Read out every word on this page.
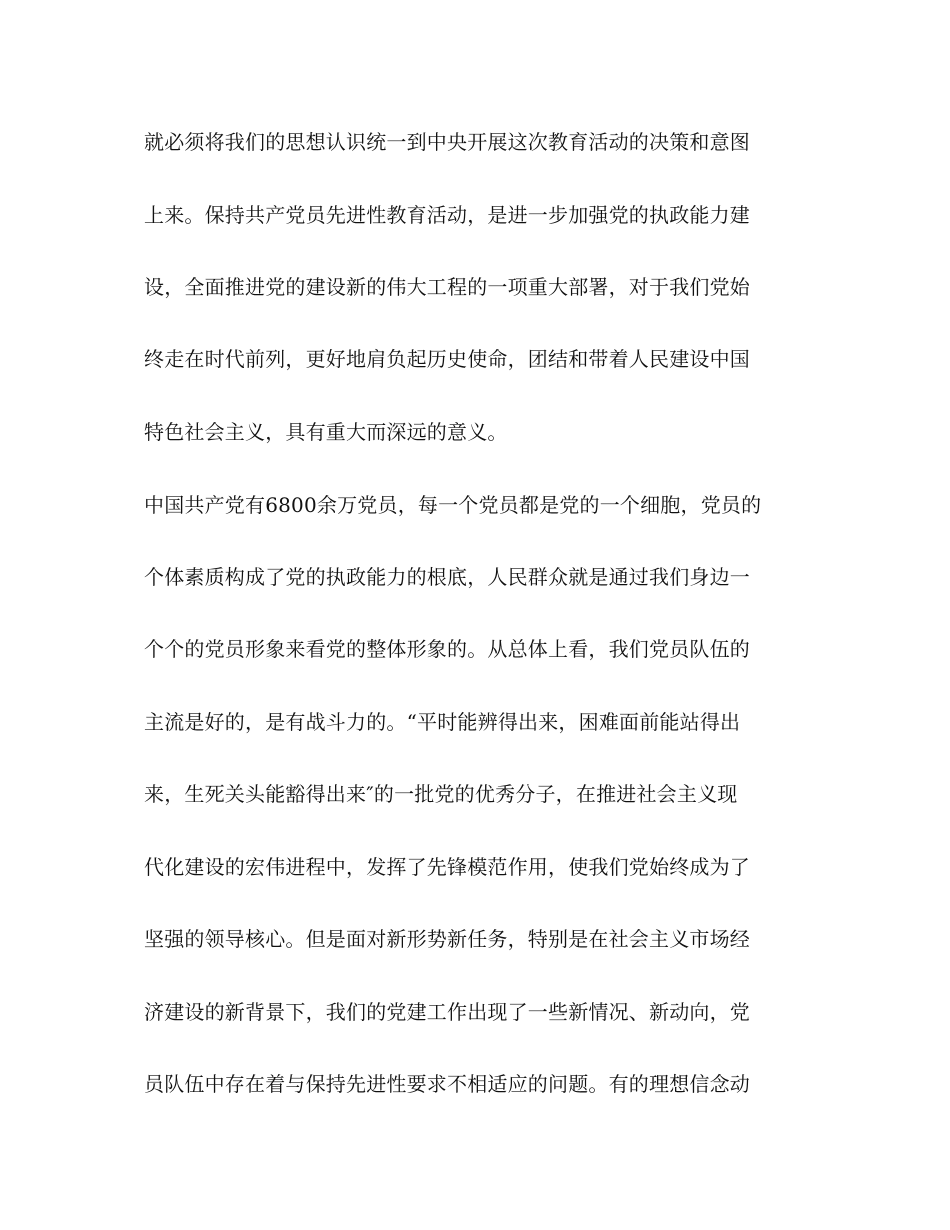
就必须将我们的思想认识统一到中央开展这次教育活动的决策和意图
上来。保持共产党员先进性教育活动，是进一步加强党的执政能力建
设，全面推进党的建设新的伟大工程的一项重大部署，对于我们党始
终走在时代前列，更好地肩负起历史使命，团结和带着人民建设中国
特色社会主义，具有重大而深远的意义。
中国共产党有6800余万党员，每一个党员都是党的一个细胞，党员的
个体素质构成了党的执政能力的根底，人民群众就是通过我们身边一
个个的党员形象来看党的整体形象的。从总体上看，我们党员队伍的
主流是好的，是有战斗力的。“平时能辨得出来，困难面前能站得出
来，生死关头能豁得出来″的一批党的优秀分子，在推进社会主义现
代化建设的宏伟进程中，发挥了先锋模范作用，使我们党始终成为了
坚强的领导核心。但是面对新形势新任务，特别是在社会主义市场经
济建设的新背景下，我们的党建工作出现了一些新情况、新动向，党
员队伍中存在着与保持先进性要求不相适应的问题。有的理想信念动
